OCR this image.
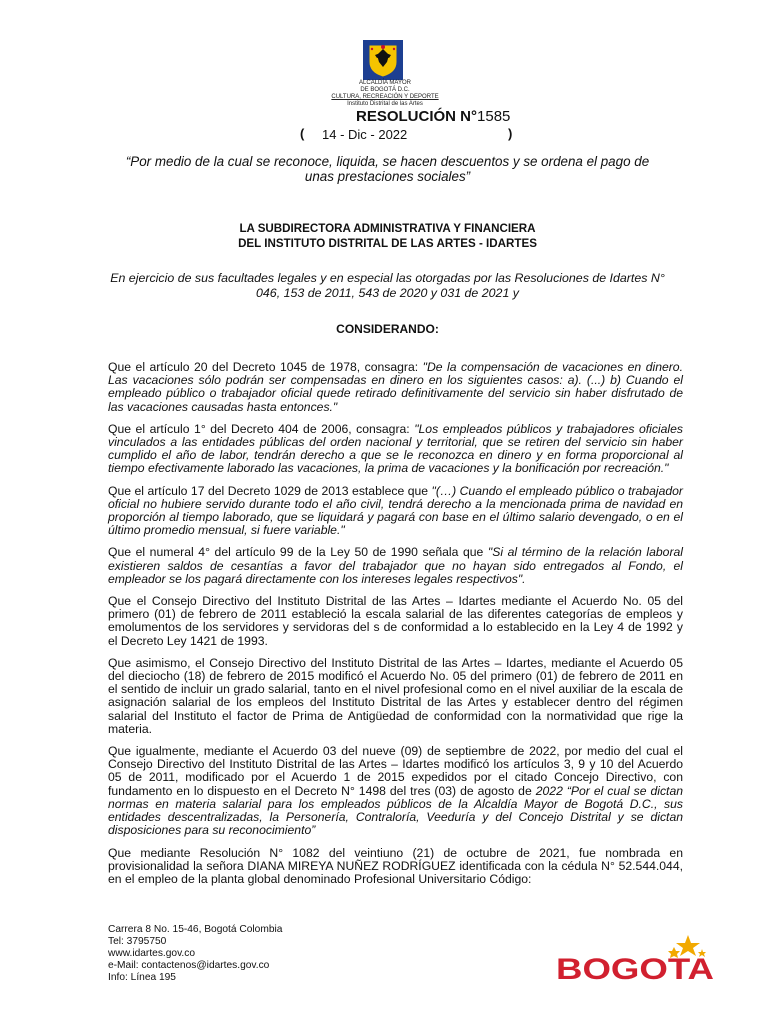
ALCALDÍA MAYOR
DE BOGOTÁ D.C.
CULTURA, RECREACIÓN Y DEPORTE
Instituto Distrital de las Artes
RESOLUCIÓN N°1585
( 14 - Dic - 2022	)
“Por medio de la cual se reconoce, liquida, se hacen descuentos y se ordena el pago de unas prestaciones sociales”
LA SUBDIRECTORA ADMINISTRATIVA Y FINANCIERA
DEL INSTITUTO DISTRITAL DE LAS ARTES - IDARTES
En ejercicio de sus facultades legales y en especial las otorgadas por las Resoluciones de Idartes N° 046, 153 de 2011, 543 de 2020 y 031 de 2021 y
CONSIDERANDO:

Que el artículo 20 del Decreto 1045 de 1978, consagra: "De la compensación de vacaciones en dinero. Las vacaciones sólo podrán ser compensadas en dinero en los siguientes casos: a). (...) b) Cuando el empleado público o trabajador oficial quede retirado definitivamente del servicio sin haber disfrutado de las vacaciones causadas hasta entonces."

Que el artículo 1° del Decreto 404 de 2006, consagra: "Los empleados públicos y trabajadores oficiales vinculados a las entidades públicas del orden nacional y territorial, que se retiren del servicio sin haber cumplido el año de labor, tendrán derecho a que se le reconozca en dinero y en forma proporcional al tiempo efectivamente laborado las vacaciones, la prima de vacaciones y la bonificación por recreación."

Que el artículo 17 del Decreto 1029 de 2013 establece que "(…) Cuando el empleado público o trabajador oficial no hubiere servido durante todo el año civil, tendrá derecho a la mencionada prima de navidad en proporción al tiempo laborado, que se liquidará y pagará con base en el último salario devengado, o en el último promedio mensual, si fuere variable."

Que el numeral 4° del artículo 99 de la Ley 50 de 1990 señala que "Si al término de la relación laboral existieren saldos de cesantías a favor del trabajador que no hayan sido entregados al Fondo, el empleador se los pagará directamente con los intereses legales respectivos".

Que el Consejo Directivo del Instituto Distrital de las Artes – Idartes mediante el Acuerdo No. 05 del primero (01) de febrero de 2011 estableció la escala salarial de las diferentes categorías de empleos y emolumentos de los servidores y servidoras del s de conformidad a lo establecido en la Ley 4 de 1992 y el Decreto Ley 1421 de 1993.

Que asimismo, el Consejo Directivo del Instituto Distrital de las Artes – Idartes, mediante el Acuerdo 05 del dieciocho (18) de febrero de 2015 modificó el Acuerdo No. 05 del primero (01) de febrero de 2011 en el sentido de incluir un grado salarial, tanto en el nivel profesional como en el nivel auxiliar de la escala de asignación salarial de los empleos del Instituto Distrital de las Artes y establecer dentro del régimen salarial del Instituto el factor de Prima de Antigüedad de conformidad con la normatividad que rige la materia.

Que igualmente, mediante el Acuerdo 03 del nueve (09) de septiembre de 2022, por medio del cual el Consejo Directivo del Instituto Distrital de las Artes – Idartes modificó los artículos 3, 9 y 10 del Acuerdo 05 de 2011, modificado por el Acuerdo 1 de 2015 expedidos por el citado Concejo Directivo, con fundamento en lo dispuesto en el Decreto N° 1498 del tres (03) de agosto de 2022 “Por el cual se dictan normas en materia salarial para los empleados públicos de la Alcaldía Mayor de Bogotá D.C., sus entidades descentralizadas, la Personería, Contraloría, Veeduría y del Concejo Distrital y se dictan disposiciones para su reconocimiento”

Que mediante Resolución N° 1082 del veintiuno (21) de octubre de 2021, fue nombrada en provisionalidad la señora DIANA MIREYA NUÑEZ RODRÍGUEZ identificada con la cédula N° 52.544.044, en el empleo de la planta global denominado Profesional Universitario Código:

Carrera 8 No. 15-46, Bogotá Colombia
Tel: 3795750
www.idartes.gov.co
e-Mail: contactenos@idartes.gov.co
Info: Línea 195	BOGOTA
